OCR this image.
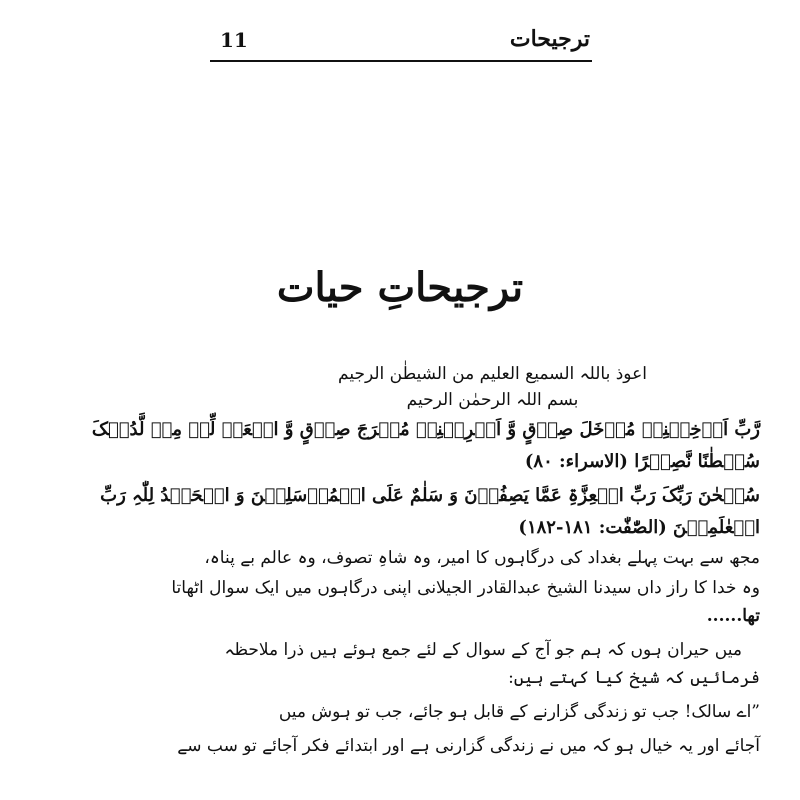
11	ترجیحات
ترجیحاتِ حیات
اعوذ باللہ السمیع العلیم من الشیطٰن الرجیم
بسم اللہ الرحمٰن الرحیم
رَّبِّ اَدۡخِلۡنِیۡ مُدۡخَلَ صِدۡقٍ وَّ اَخۡرِجۡنِیۡ مُخۡرَجَ صِدۡقٍ وَّ اجۡعَلۡ لِّیۡ مِنۡ لَّدُنۡکَ
سُلۡطٰنًا نَّصِیۡرًا (الاسراء: ۸۰)
سُبۡحٰنَ رَبِّکَ رَبِّ الۡعِزَّۃِ عَمَّا یَصِفُوۡنَ وَ سَلٰمٌ عَلَی الۡمُرۡسَلِیۡنَ وَ الۡحَمۡدُ لِلّٰہِ رَبِّ
الۡعٰلَمِیۡنَ (الصّٰفّٰت: ۱۸۱-۱۸۲)
مجھ سے بہت پہلے بغداد کی درگاہوں کا امیر، وہ شاہِ تصوف، وہ عالم بے پناہ،
وہ خدا کا راز داں سیدنا الشیخ عبدالقادر الجیلانی اپنی درگاہوں میں ایک سوال اٹھاتا
تھا......
میں حیران ہوں کہ ہم جو آج کے سوال کے لئے جمع ہوئے ہیں ذرا ملاحظہ
فرمائیں کہ شیخ کیا کہتے ہیں:
”اے سالک! جب تو زندگی گزارنے کے قابل ہو جائے، جب تو ہوش میں
آجائے اور یہ خیال ہو کہ میں نے زندگی گزارنی ہے اور ابتدائے فکر آجائے تو سب سے
